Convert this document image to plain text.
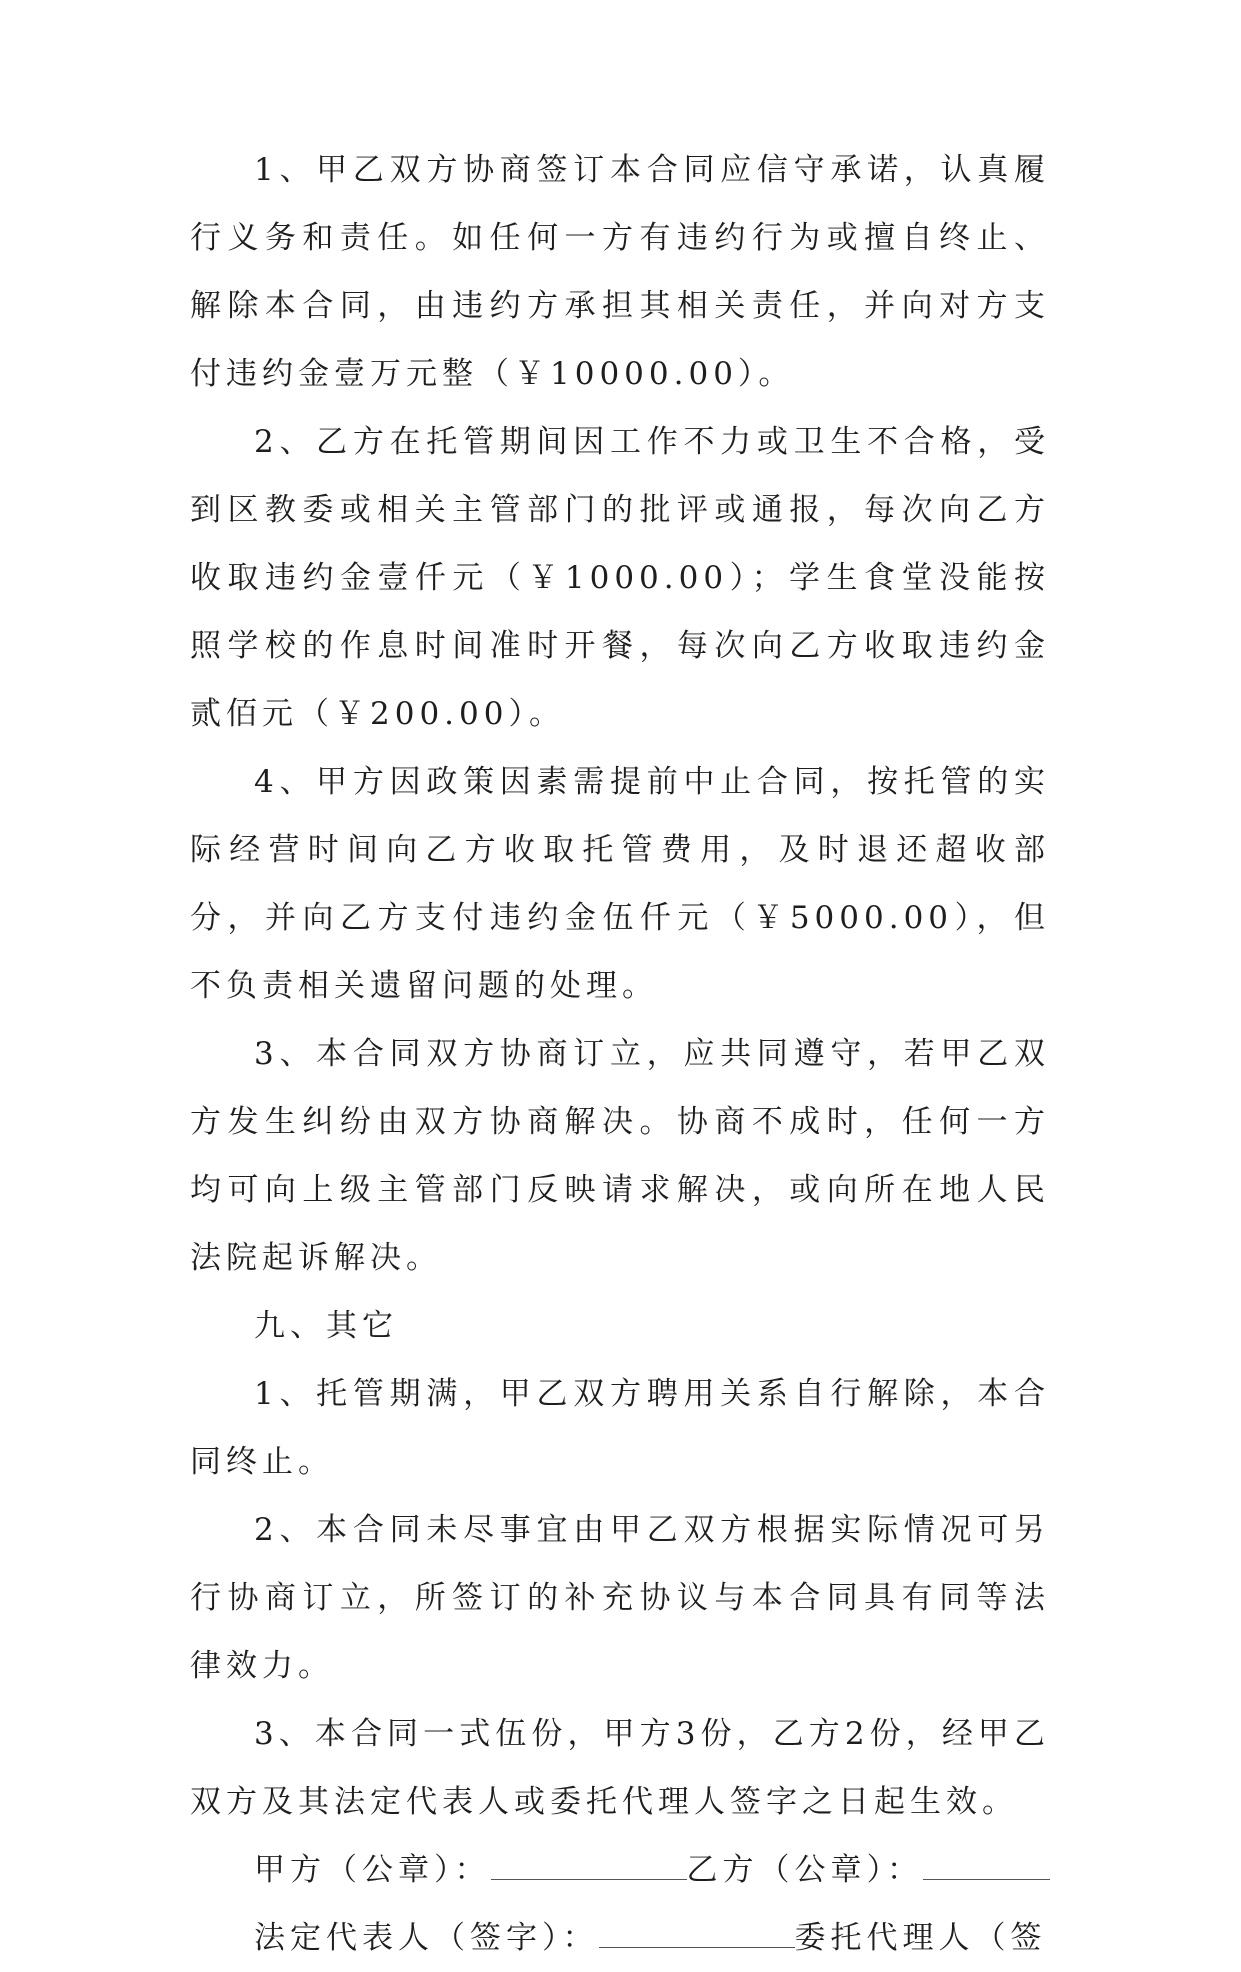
1、甲乙双方协商签订本合同应信守承诺，认真履行义务和责任。如任何一方有违约行为或擅自终止、解除本合同，由违约方承担其相关责任，并向对方支付违约金壹万元整（￥10000.00）。

2、乙方在托管期间因工作不力或卫生不合格，受到区教委或相关主管部门的批评或通报，每次向乙方收取违约金壹仟元（￥1000.00）；学生食堂没能按照学校的作息时间准时开餐，每次向乙方收取违约金贰佰元（￥200.00）。

4、甲方因政策因素需提前中止合同，按托管的实际经营时间向乙方收取托管费用，及时退还超收部分，并向乙方支付违约金伍仟元（￥5000.00），但不负责相关遗留问题的处理。

3、本合同双方协商订立，应共同遵守，若甲乙双方发生纠纷由双方协商解决。协商不成时，任何一方均可向上级主管部门反映请求解决，或向所在地人民法院起诉解决。

九、其它

1、托管期满，甲乙双方聘用关系自行解除，本合同终止。

2、本合同未尽事宜由甲乙双方根据实际情况可另行协商订立，所签订的补充协议与本合同具有同等法律效力。

3、本合同一式伍份，甲方3份，乙方2份，经甲乙双方及其法定代表人或委托代理人签字之日起生效。

甲方（公章）：	乙方（公章）：

法定代表人（签字）：	委托代理人（签
